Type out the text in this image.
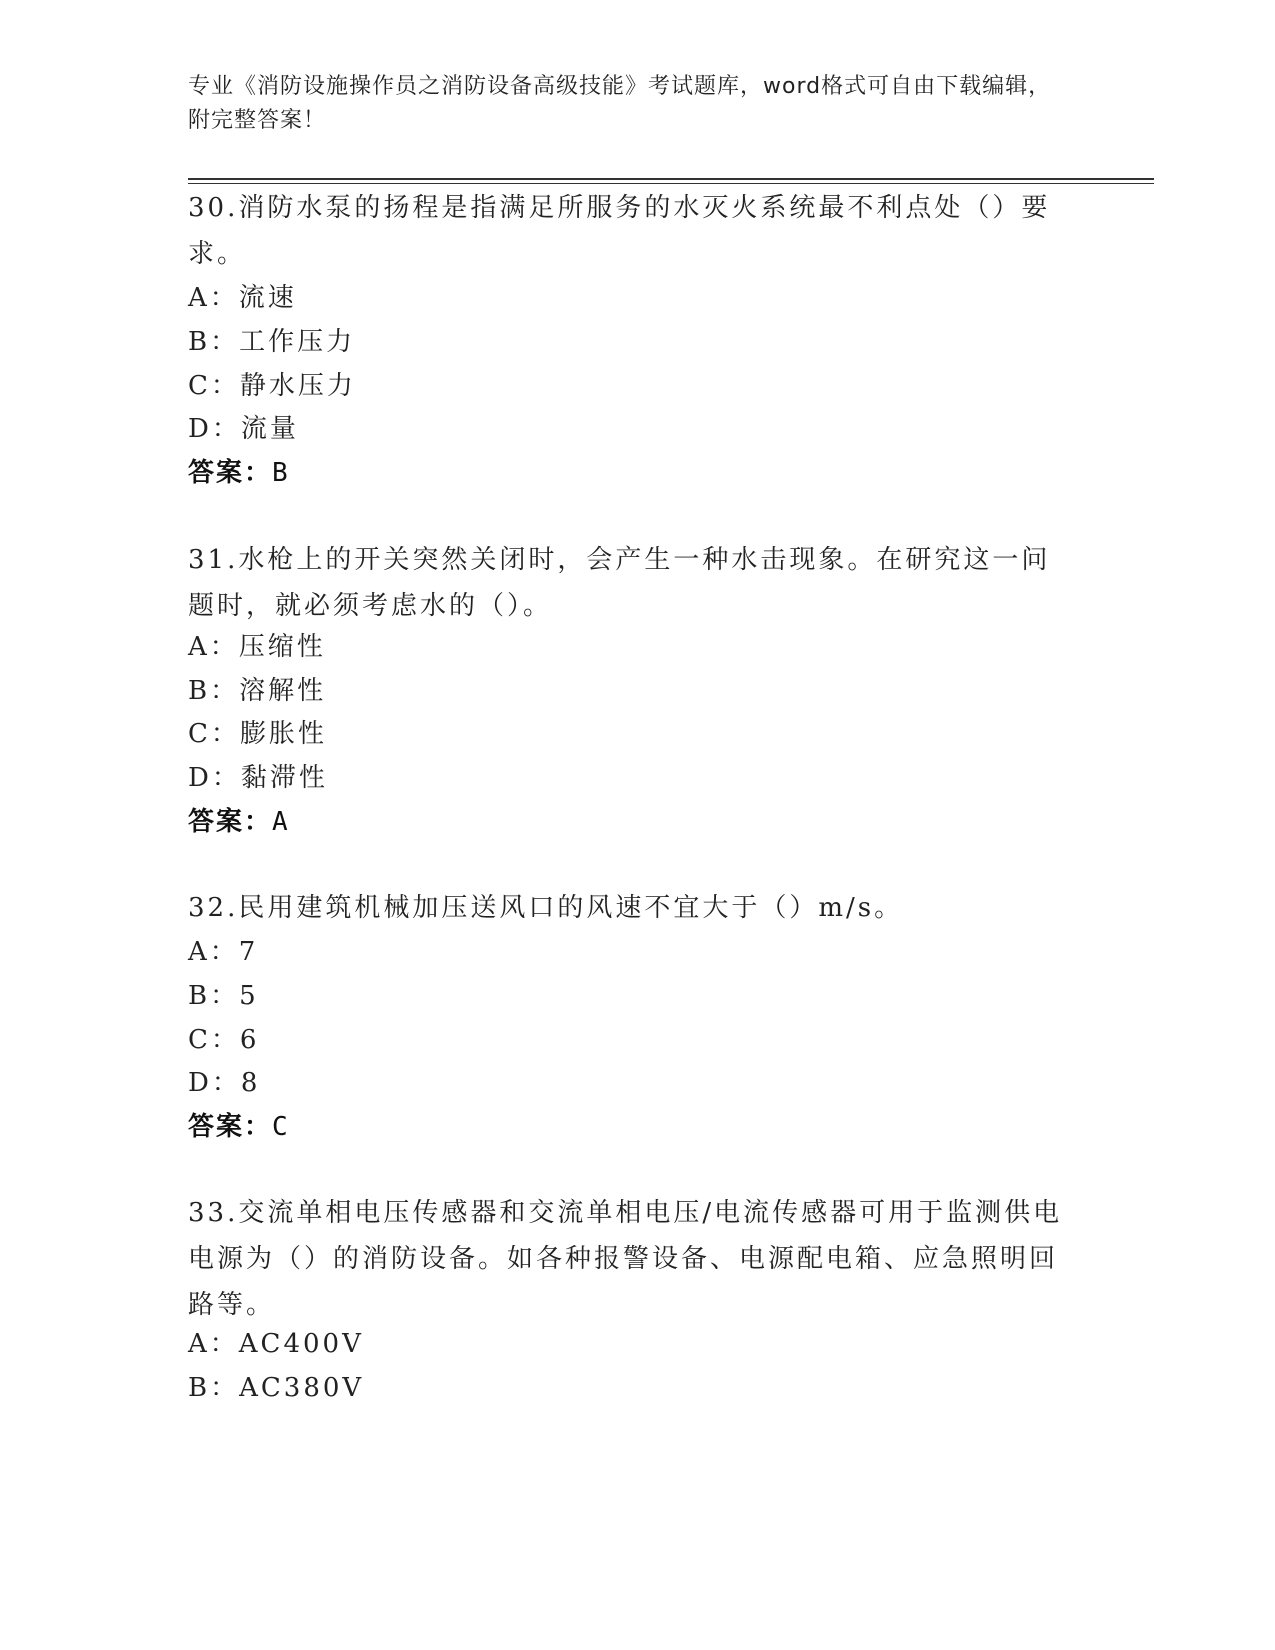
专业《消防设施操作员之消防设备高级技能》考试题库，word格式可自由下载编辑，附完整答案！
30.消防水泵的扬程是指满足所服务的水灭火系统最不利点处（）要求。
A：流速
B：工作压力
C：静水压力
D：流量
答案：B
31.水枪上的开关突然关闭时，会产生一种水击现象。在研究这一问题时，就必须考虑水的（）。
A：压缩性
B：溶解性
C：膨胀性
D：黏滞性
答案：A
32.民用建筑机械加压送风口的风速不宜大于（）m/s。
A：7
B：5
C：6
D：8
答案：C
33.交流单相电压传感器和交流单相电压/电流传感器可用于监测供电电源为（）的消防设备。如各种报警设备、电源配电箱、应急照明回路等。
A：AC400V
B：AC380V
